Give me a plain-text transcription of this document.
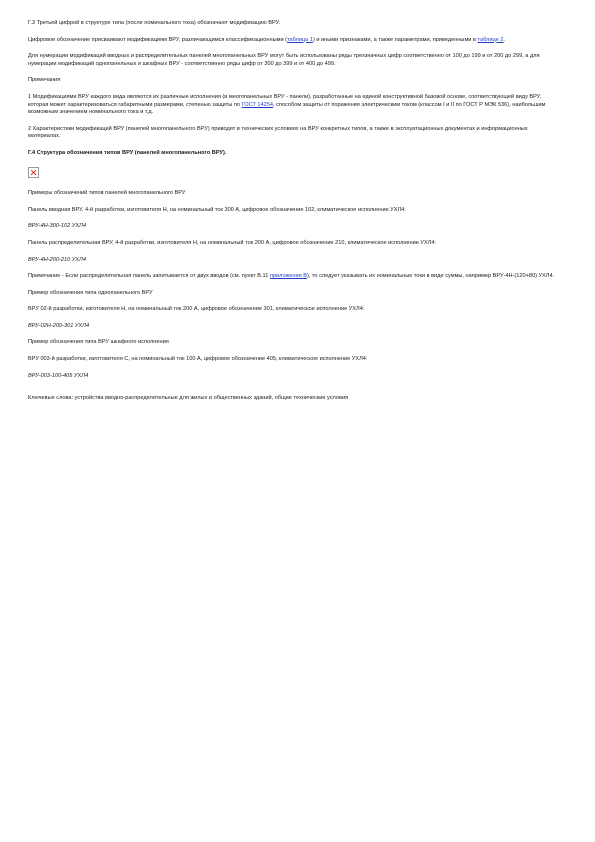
Г.3 Третьей цифрой в структуре типа (после номинального тока) обозначают модификацию ВРУ.

Цифровое обозначение присваивают модификациям ВРУ, различающимся классификационными (таблица 1) и иными признаками, а также параметрами, приведенными в таблице 2.

Для нумерации модификаций вводных и распределительных панелей многопанельных ВРУ могут быть использованы ряды трехзначных цифр соответственно от 100 до 199 и от 200 до 299, а для нумерации модификаций однопанельных и шкафных ВРУ - соответственно ряды цифр от 300 до 399 и от 400 до 499.

Примечания

1 Модификациями ВРУ каждого вида являются их различные исполнения (в многопанельных ВРУ - панели), разработанные на единой конструктивной базовой основе, соответствующей виду ВРУ, которая может характеризоваться габаритными размерами, степенью защиты по ГОСТ 14254, способом защиты от поражения электрическим током (классом I и II по ГОСТ Р МЭК 536), наибольшим возможным значением номинального тока и т.д.

2 Характеристики модификаций ВРУ (панелей многопанельного ВРУ) приводят в технических условиях на ВРУ конкретных типов, а также в эксплуатационных документах и информационных материалах.

Г.4 Структура обозначения типов ВРУ (панелей многопанельного ВРУ).

Примеры обозначений типов панелей многопанельного ВРУ

Панель вводная ВРУ, 4-й разработки, изготовителя Н, на номинальный ток 300 А, цифровое обозначение 102, климатическое исполнение УХЛ4:

ВРУ-4Н-300-102 УХЛ4

Панель распределительная ВРУ, 4-й разработки, изготовителя Н, на номинальный ток 200 А, цифровое обозначение 210, климатическое исполнение УХЛ4:

ВРУ-4Н-200-210 УХЛ4

Примечание - Если распределительная панель запитывается от двух вводов (см. пункт В.11 приложения В), то следует указывать их номинальные токи в виде суммы, например ВРУ-4Н-(120+80) УХЛ4.

Пример обозначения типа однопанельного ВРУ

ВРУ 02-й разработки, изготовителя Н, на номинальный ток 200 А, цифровое обозначение 301, климатическое исполнение УХЛ4:

ВРУ-02Н-200-301 УХЛ4

Пример обозначения типа ВРУ шкафного исполнения

ВРУ 003-й разработки, изготовителя С, на номинальный ток 100 А, цифровое обозначение 405, климатическое исполнение УХЛ4:

ВРУ-003-100-405 УХЛ4

Ключевые слова: устройства вводно-распределительные для жилых и общественных зданий, общие технические условия
